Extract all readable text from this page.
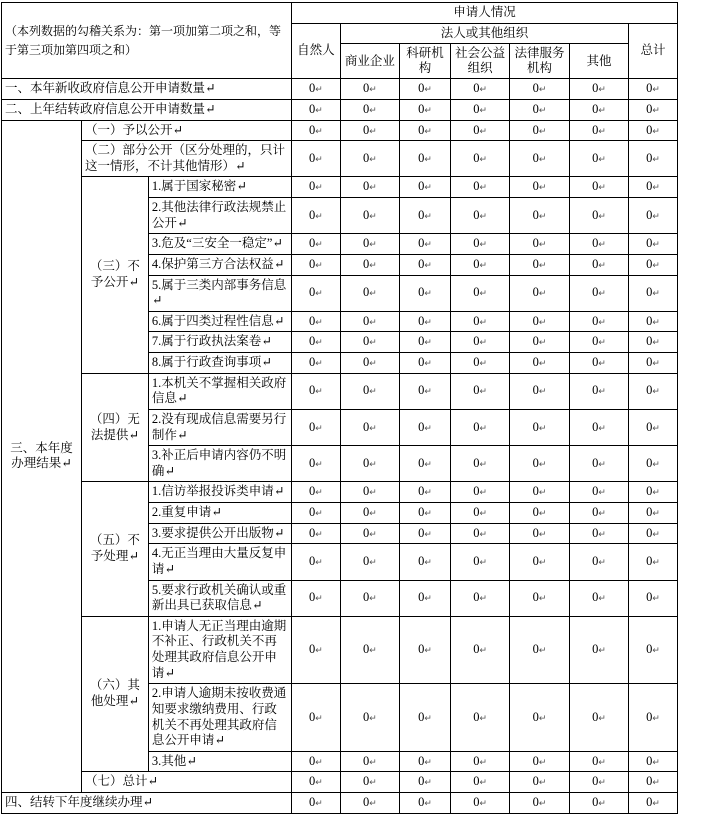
（本列数据的勾稽关系为：第一项加第二项之和，等于第三项加第四项之和）			申请人情况						
			自然人	法人或其他组织					总计
				商业企业	科研机构	社会公益组织	法律服务机构	其他	
一、本年新收政府信息公开申请数量↵			0↵	0↵	0↵	0↵	0↵	0↵	0↵
二、上年结转政府信息公开申请数量↵			0↵	0↵	0↵	0↵	0↵	0↵	0↵
三、本年度办理结果↵	（一）予以公开↵		0↵	0↵	0↵	0↵	0↵	0↵	0↵
	（二）部分公开（区分处理的，只计这一情形，不计其他情形）↵		0↵	0↵	0↵	0↵	0↵	0↵	0↵
	（三）不予公开↵	1.属于国家秘密↵	0↵	0↵	0↵	0↵	0↵	0↵	0↵
		2.其他法律行政法规禁止公开↵	0↵	0↵	0↵	0↵	0↵	0↵	0↵
		3.危及“三安全一稳定”↵	0↵	0↵	0↵	0↵	0↵	0↵	0↵
		4.保护第三方合法权益↵	0↵	0↵	0↵	0↵	0↵	0↵	0↵
		5.属于三类内部事务信息↵	0↵	0↵	0↵	0↵	0↵	0↵	0↵
		6.属于四类过程性信息↵	0↵	0↵	0↵	0↵	0↵	0↵	0↵
		7.属于行政执法案卷↵	0↵	0↵	0↵	0↵	0↵	0↵	0↵
		8.属于行政查询事项↵	0↵	0↵	0↵	0↵	0↵	0↵	0↵
	（四）无法提供↵	1.本机关不掌握相关政府信息↵	0↵	0↵	0↵	0↵	0↵	0↵	0↵
		2.没有现成信息需要另行制作↵	0↵	0↵	0↵	0↵	0↵	0↵	0↵
		3.补正后申请内容仍不明确↵	0↵	0↵	0↵	0↵	0↵	0↵	0↵
	（五）不予处理↵	1.信访举报投诉类申请↵	0↵	0↵	0↵	0↵	0↵	0↵	0↵
		2.重复申请↵	0↵	0↵	0↵	0↵	0↵	0↵	0↵
		3.要求提供公开出版物↵	0↵	0↵	0↵	0↵	0↵	0↵	0↵
		4.无正当理由大量反复申请↵	0↵	0↵	0↵	0↵	0↵	0↵	0↵
		5.要求行政机关确认或重新出具已获取信息↵	0↵	0↵	0↵	0↵	0↵	0↵	0↵
	（六）其他处理↵	1.申请人无正当理由逾期不补正、行政机关不再处理其政府信息公开申请↵	0↵	0↵	0↵	0↵	0↵	0↵	0↵
		2.申请人逾期未按收费通知要求缴纳费用、行政机关不再处理其政府信息公开申请↵	0↵	0↵	0↵	0↵	0↵	0↵	0↵
		3.其他↵	0↵	0↵	0↵	0↵	0↵	0↵	0↵
	（七）总计↵		0↵	0↵	0↵	0↵	0↵	0↵	0↵
四、结转下年度继续办理↵			0↵	0↵	0↵	0↵	0↵	0↵	0↵
